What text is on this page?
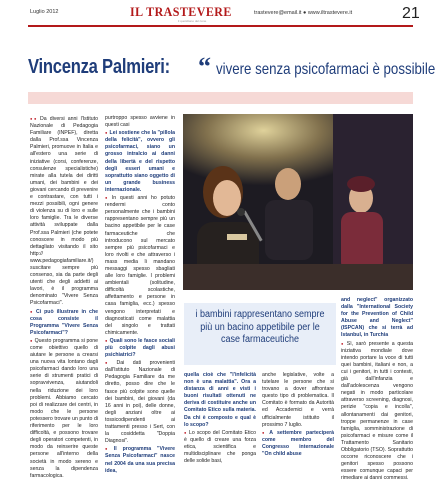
Luglio 2012	IL TRASTEVERE
il quotidiano del rione
trastevere@email.it ● www.iltrastevere.it	21
Vincenza Palmieri: “ vivere senza psicofarmaci è possibile

●● Da diversi anni l'Istituto Nazionale di Pedagogia Familiare (INPEF), diretta dalla Prof.ssa Vincenza Palmieri, promuove in Italia e all'estero una serie di iniziative (corsi, conferenze, consulenze specialistiche) mirate alla tutela dei diritti umani, dei bambini e dei giovani cercando di prevenire e contrastare, con tutti i mezzi possibili, ogni genere di violenza su di loro e sulle loro famiglie. Tra le diverse attività sviluppate dalla Prof.ssa Palmieri (che potete conoscere in modo più dettagliato visitando il sito http:// www.pedagogiafamiliare.it/) suscitare sempre più consenso, sia da parte degli utenti che degli addetti ai lavori, è il programma denominato "Vivere Senza Psicofarmaci".

● Ci può illustrare in che cosa consiste il Programma "Vivere Senza Psicofarmaci"?

● Questo programma si pone come obiettivo quello di aiutare le persone a crearsi una nuova vita lontano dagli psicofarmaci dando loro una serie di strumenti pratici di sopravvivenza, aiutandoli nella riduzione dei loro problemi. Abbiamo cercato poi di realizzare dei centri, in modo che le persone potessero trovare un punto di riferimento per le loro difficoltà, e possono trovare degli operatori competenti, in modo da reinserire queste persone all'interno della società in modo sereno e senza la dipendenza farmacologica.

purtroppo spesso avviene in questi casi

● Lei sostiene che la "pillola della felicità", ovvero gli psicofarmaci, siano un grosso intralcio ai danni della libertà e del rispetto degli esseri umani e soprattutto siano oggetto di un grande business internazionale.

● In questi anni ho potuto rendermi conto personalmente che i bambini rappresentano sempre più un bacino appetibile per le case farmaceutiche che introducono sul mercato sempre più psicofarmaci e loro rivolti e che attraverso i mass media li mandano messaggi spesso sbagliati alle loro famiglie. I problemi ambientali (solitudine, difficoltà scolastiche, affettamento e persone in casa famiglia, ecc.) spesso vengono interpretati e diagnosticati come malattia del singolo e trattati chimicamente.

● Quali sono le fasce sociali più colpite dagli abusi psichiatrici?

● Dai dati provenienti dall'Istituto Nazionale di Pedagogia Familiare da me diretto, posso dire che le fasce più colpite sono quelle dei bambini, dei giovani (da 16 anni in poi), delle donne, degli anziani oltre ai tossicodipendenti ai trattamenti presso i Sert, con la cosiddetta "Doppia Diagnosi".

● Il programma "Vivere Senza Psicofarmaci" nasce nel 2004 da una sua precisa idea,

i bambini rappresentano sempre più un bacino appetibile per le case farmaceutiche

quella cioè che "l'infelicità non è una malattia". Ora a distanza di anni e visti i buoni risultati ottenuti ne deriva di costituire anche un Comitato Etico sulla materia. Da chi è composto e qual è lo scopo?

● Lo scopo del Comitato Etico è quello di creare una forza etica, scientifica e multidisciplinare che ponga delle solide basi,

anche legislative, volte a tutelare le persone che si trovano a dover affrontare questo tipo di problematica. Il Comitato è formato da Autorità ed Accademici e verrà ufficialmente istituito il prossimo 7 luglio.

● A settembre parteciperà come membro del Congresso internazionale "On child abuse

and neglect" organizzato dalla "International Society for the Prevention of Child Abuse and Neglect" (ISPCAN) che si terrà ad Istanbul, in Turchia

● Sì, sarò presente a questa iniziativa mondiale dove intendo portare la voce di tutti quei bambini, italiani e non, a cui i genitori, in tutti i contesti, già dall'infanzia e dall'adolescenza vengono negati in modo particolare attraverso screening, diagnosi, perizie "copia e incolla", allontanamenti dai genitori, troppe permanenze in case famiglia, somministrazione di psicofarmaci e misure come il Trattamento Sanitario Obbligatorio (TSO). Soprattutto occorre riconoscere che i genitori spesso possono essere comunque capaci per rimediare ai danni commessi.
